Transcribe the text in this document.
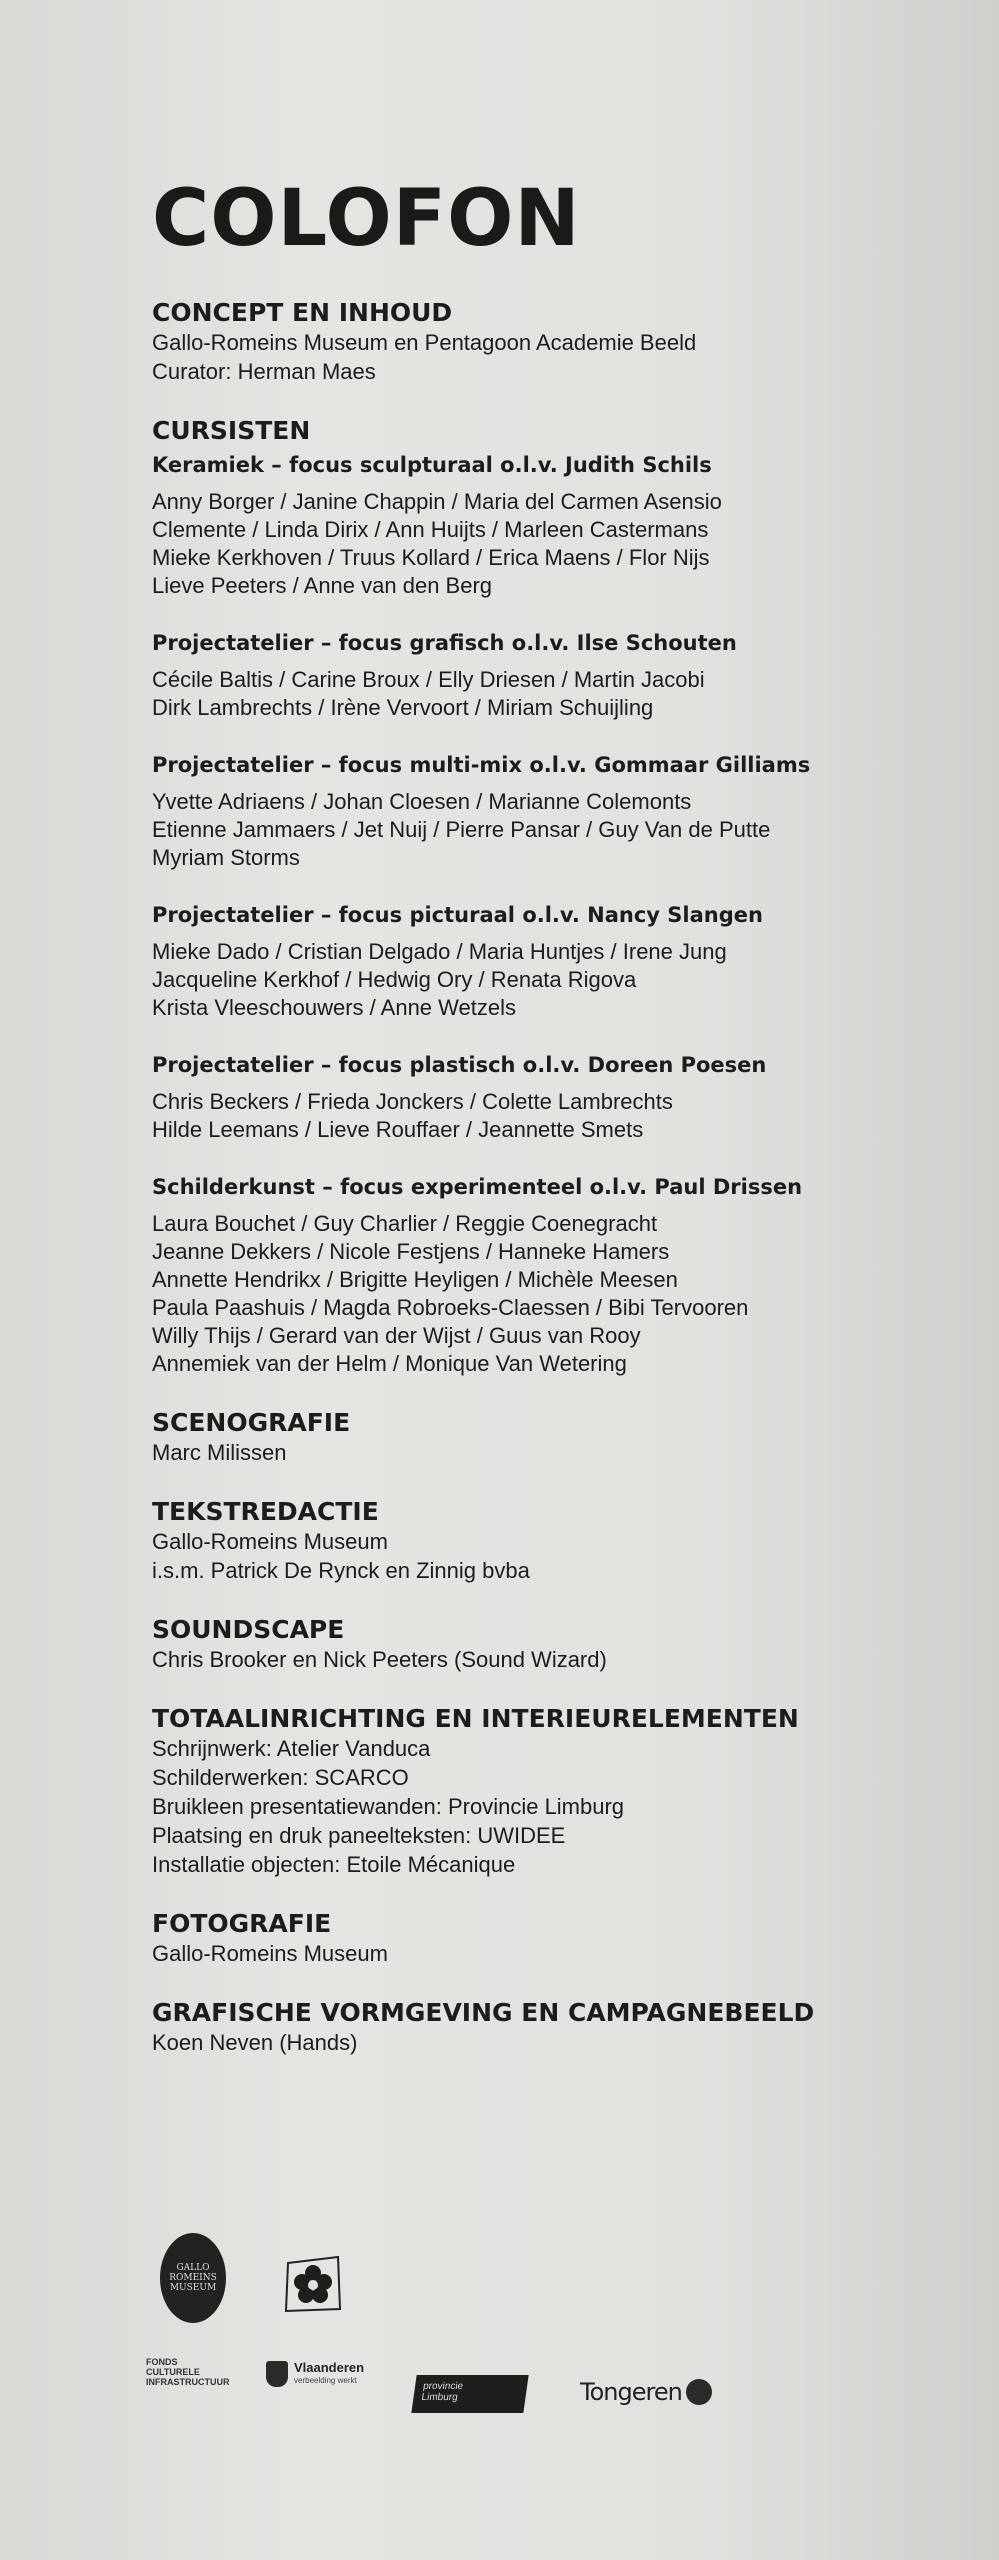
COLOFON

CONCEPT EN INHOUD

Gallo-Romeins Museum en Pentagoon Academie Beeld

Curator: Herman Maes

CURSISTEN

Keramiek – focus sculpturaal o.l.v. Judith Schils

Anny Borger / Janine Chappin / Maria del Carmen Asensio

Clemente / Linda Dirix / Ann Huijts / Marleen Castermans

Mieke Kerkhoven / Truus Kollard / Erica Maens / Flor Nijs

Lieve Peeters / Anne van den Berg

Projectatelier – focus grafisch o.l.v. Ilse Schouten

Cécile Baltis / Carine Broux / Elly Driesen / Martin Jacobi

Dirk Lambrechts / Irène Vervoort / Miriam Schuijling

Projectatelier – focus multi-mix o.l.v. Gommaar Gilliams

Yvette Adriaens / Johan Cloesen / Marianne Colemonts

Etienne Jammaers / Jet Nuij / Pierre Pansar / Guy Van de Putte

Myriam Storms

Projectatelier – focus picturaal o.l.v. Nancy Slangen

Mieke Dado / Cristian Delgado / Maria Huntjes / Irene Jung

Jacqueline Kerkhof / Hedwig Ory / Renata Rigova

Krista Vleeschouwers / Anne Wetzels

Projectatelier – focus plastisch o.l.v. Doreen Poesen

Chris Beckers / Frieda Jonckers / Colette Lambrechts

Hilde Leemans / Lieve Rouffaer / Jeannette Smets

Schilderkunst – focus experimenteel o.l.v. Paul Drissen

Laura Bouchet / Guy Charlier / Reggie Coenegracht

Jeanne Dekkers / Nicole Festjens / Hanneke Hamers

Annette Hendrikx / Brigitte Heyligen / Michèle Meesen

Paula Paashuis / Magda Robroeks-Claessen / Bibi Tervooren

Willy Thijs / Gerard van der Wijst / Guus van Rooy

Annemiek van der Helm / Monique Van Wetering

SCENOGRAFIE

Marc Milissen

TEKSTREDACTIE

Gallo-Romeins Museum

i.s.m. Patrick De Rynck en Zinnig bvba

SOUNDSCAPE

Chris Brooker en Nick Peeters (Sound Wizard)

TOTAALINRICHTING EN INTERIEURELEMENTEN

Schrijnwerk: Atelier Vanduca

Schilderwerken: SCARCO

Bruikleen presentatiewanden: Provincie Limburg

Plaatsing en druk paneelteksten: UWIDEE

Installatie objecten: Etoile Mécanique

FOTOGRAFIE

Gallo-Romeins Museum

GRAFISCHE VORMGEVING EN CAMPAGNEBEELD

Koen Neven (Hands)

GALLO ROMEINS MUSEUM
FONDS
CULTURELE
INFRASTRUCTUUR
Vlaanderen
verbeelding werkt
provincie
Limburg	Tongeren
